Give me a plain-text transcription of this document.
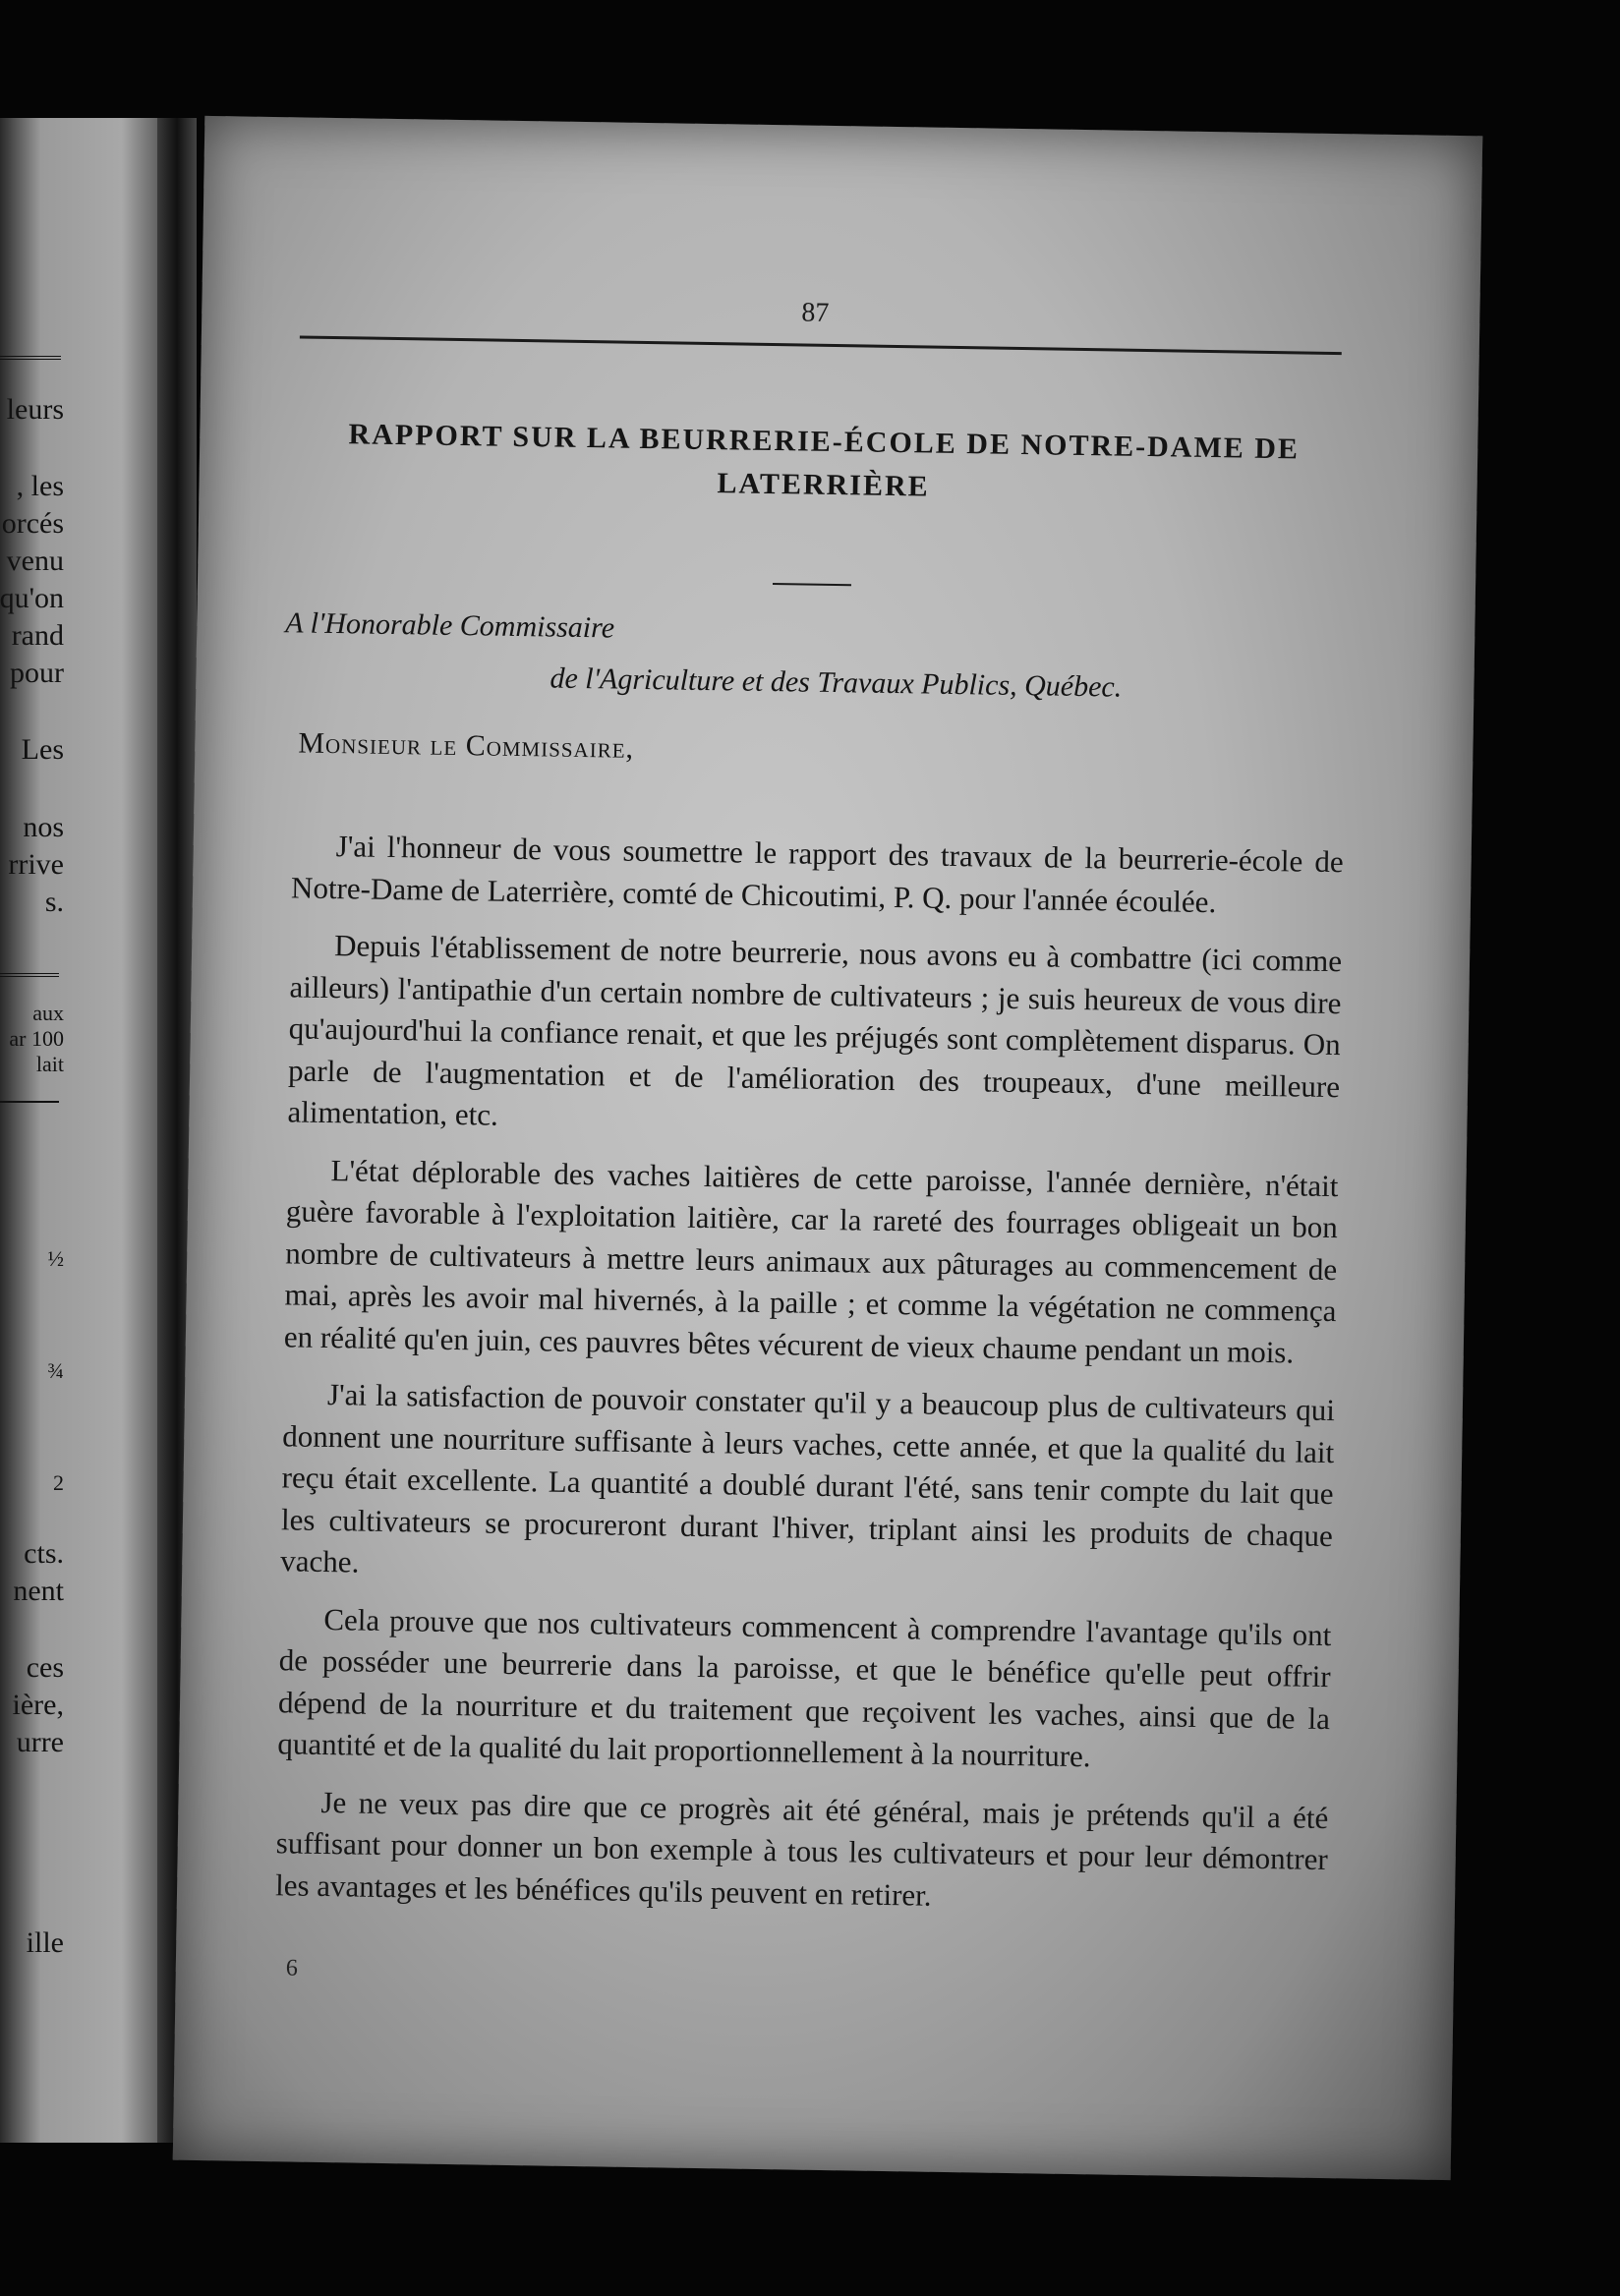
leurs
, les
orcés
venu
qu'on
rand
pour
Les
nos
rrive
s.
aux
ar 100
lait
½
¾
2
cts.
nent
ces
ière,
urre
ille
87
RAPPORT SUR LA BEURRERIE-ÉCOLE DE NOTRE-DAME DE
LATERRIÈRE
A l'Honorable Commissaire
de l'Agriculture et des Travaux Publics, Québec.
Monsieur le Commissaire,

J'ai l'honneur de vous soumettre le rapport des travaux de la beurrerie-école de Notre-Dame de Laterrière, comté de Chicoutimi, P. Q. pour l'année écoulée.

Depuis l'établissement de notre beurrerie, nous avons eu à combattre (ici comme ailleurs) l'antipathie d'un certain nombre de cultivateurs ; je suis heureux de vous dire qu'aujourd'hui la confiance renait, et que les préjugés sont complètement disparus. On parle de l'augmentation et de l'amélioration des troupeaux, d'une meilleure alimentation, etc.

L'état déplorable des vaches laitières de cette paroisse, l'année dernière, n'était guère favorable à l'exploitation laitière, car la rareté des fourrages obligeait un bon nombre de cultivateurs à mettre leurs animaux aux pâturages au commencement de mai, après les avoir mal hivernés, à la paille ; et comme la végétation ne commença en réalité qu'en juin, ces pauvres bêtes vécurent de vieux chaume pendant un mois.

J'ai la satisfaction de pouvoir constater qu'il y a beaucoup plus de cultivateurs qui donnent une nourriture suffisante à leurs vaches, cette année, et que la qualité du lait reçu était excellente. La quantité a doublé durant l'été, sans tenir compte du lait que les cultivateurs se procureront durant l'hiver, triplant ainsi les produits de chaque vache.

Cela prouve que nos cultivateurs commencent à comprendre l'avantage qu'ils ont de posséder une beurrerie dans la paroisse, et que le bénéfice qu'elle peut offrir dépend de la nourriture et du traitement que reçoivent les vaches, ainsi que de la quantité et de la qualité du lait proportionnellement à la nourriture.

Je ne veux pas dire que ce progrès ait été général, mais je prétends qu'il a été suffisant pour donner un bon exemple à tous les cultivateurs et pour leur démontrer les avantages et les bénéfices qu'ils peuvent en retirer.

6
